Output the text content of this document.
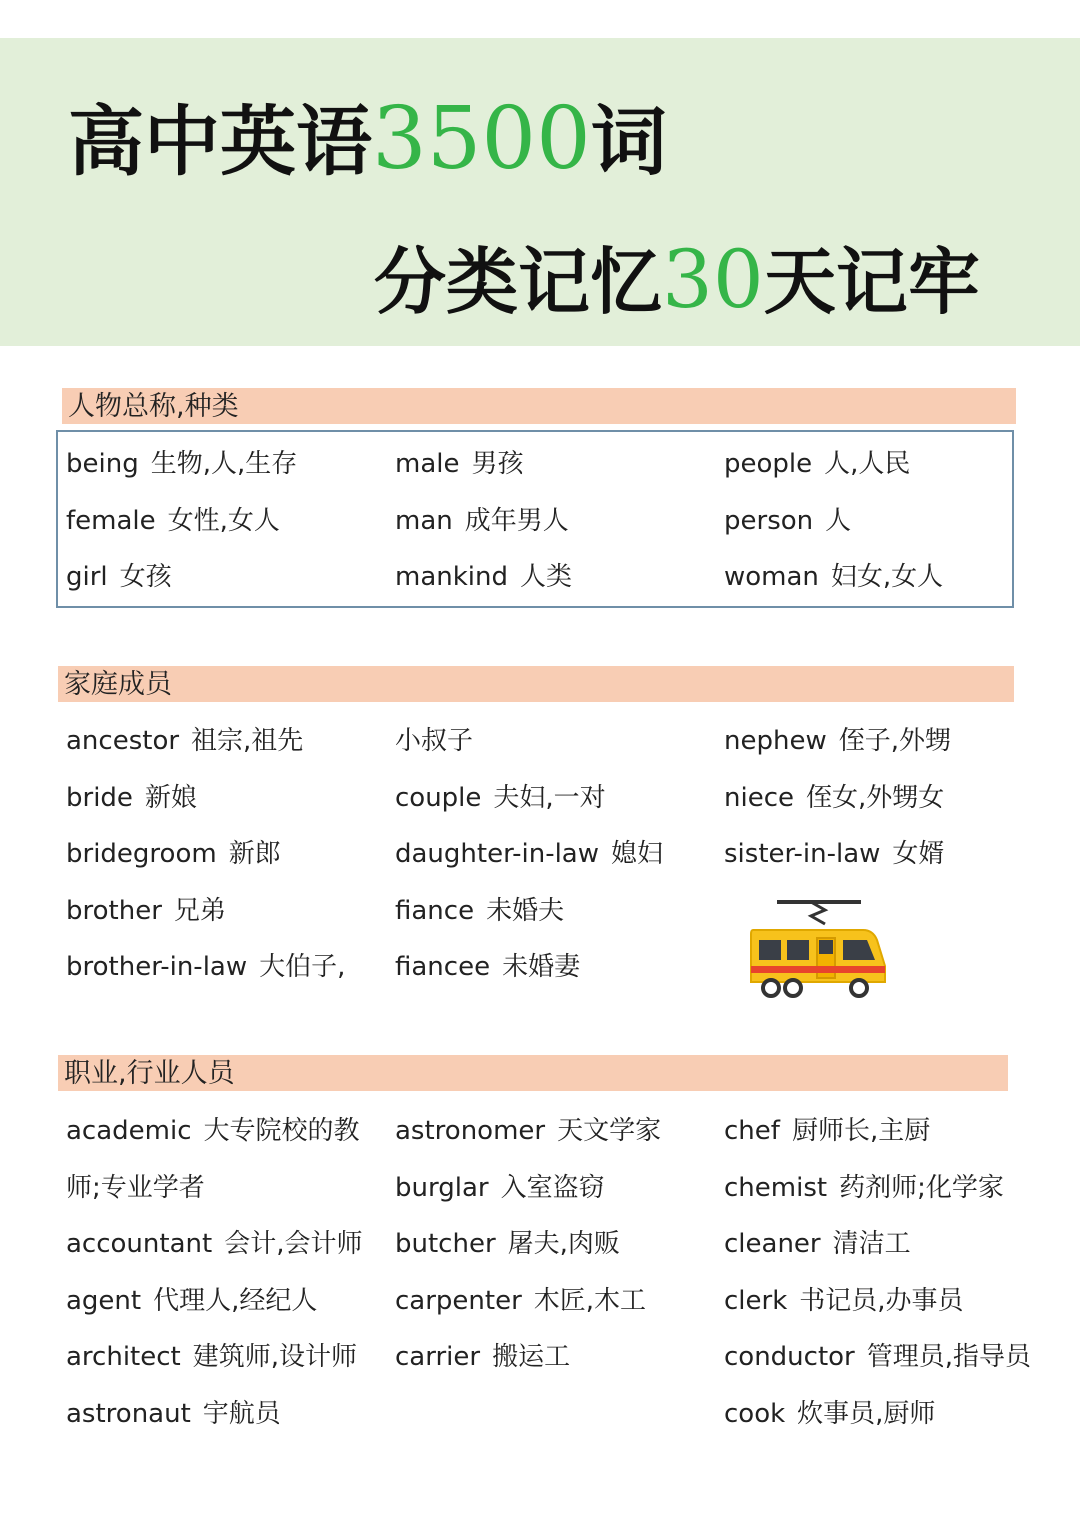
高中英语3500词
分类记忆30天记牢
人物总称,种类
家庭成员
职业,行业人员
being 生物,人,生存
female 女性,女人
girl 女孩
male 男孩
man 成年男人
mankind 人类
people 人,人民
person 人
woman 妇女,女人
ancestor 祖宗,祖先
bride 新娘
bridegroom 新郎
brother 兄弟
brother-in-law 大伯子,
小叔子
couple 夫妇,一对
daughter-in-law 媳妇
fiance 未婚夫
fiancee 未婚妻
nephew 侄子,外甥
niece 侄女,外甥女
sister-in-law 女婿
academic 大专院校的教
师;专业学者
accountant 会计,会计师
agent 代理人,经纪人
architect 建筑师,设计师
astronaut 宇航员
astronomer 天文学家
burglar 入室盗窃
butcher 屠夫,肉贩
carpenter 木匠,木工
carrier 搬运工
chef 厨师长,主厨
chemist 药剂师;化学家
cleaner 清洁工
clerk 书记员,办事员
conductor 管理员,指导员
cook 炊事员,厨师
